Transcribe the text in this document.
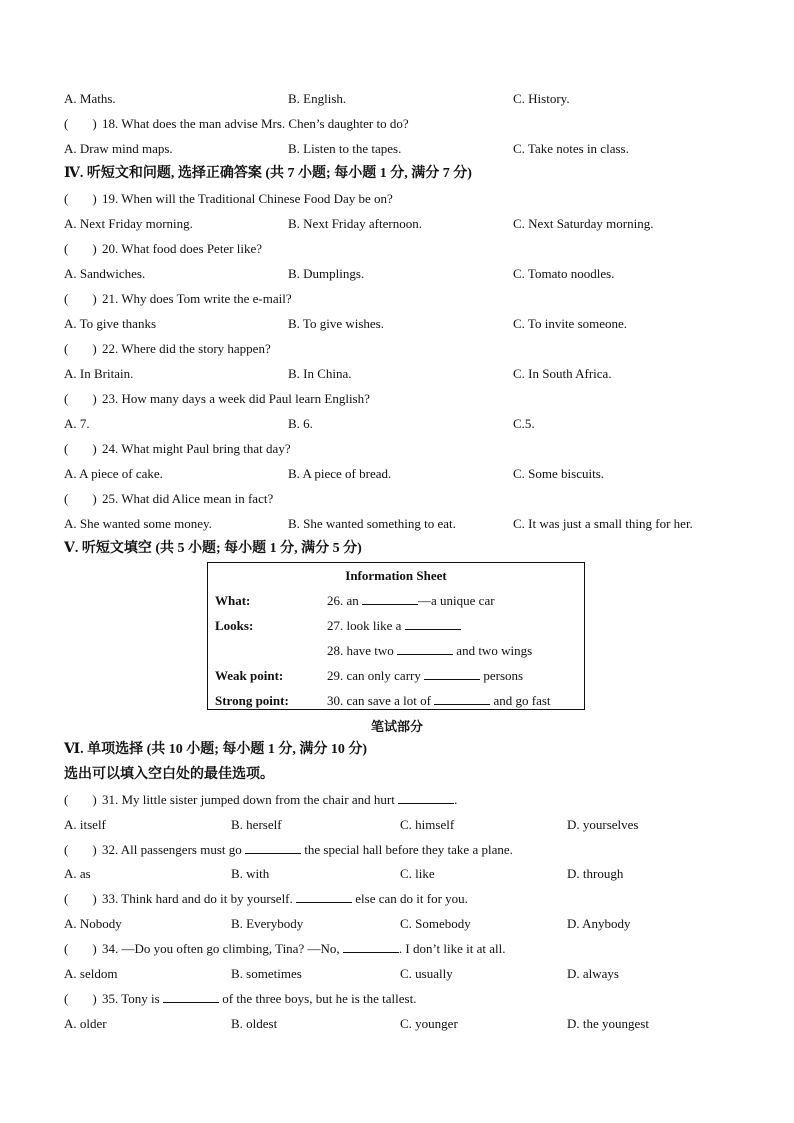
A. Maths.	B. English.	C. History.
( ) 18. What does the man advise Mrs. Chen’s daughter to do?
A. Draw mind maps.	B. Listen to the tapes.	C. Take notes in class.
Ⅳ. 听短文和问题, 选择正确答案 (共 7 小题; 每小题 1 分, 满分 7 分)
( ) 19. When will the Traditional Chinese Food Day be on?
A. Next Friday morning.	B. Next Friday afternoon.	C. Next Saturday morning.
( ) 20. What food does Peter like?
A. Sandwiches.	B. Dumplings.	C. Tomato noodles.
( ) 21. Why does Tom write the e-mail?
A. To give thanks	B. To give wishes.	C. To invite someone.
( ) 22. Where did the story happen?
A. In Britain.	B. In China.	C. In South Africa.
( ) 23. How many days a week did Paul learn English?
A. 7.	B. 6.	C.5.
( ) 24. What might Paul bring that day?
A. A piece of cake.	B. A piece of bread.	C. Some biscuits.
( ) 25. What did Alice mean in fact?
A. She wanted some money.	B. She wanted something to eat.	C. It was just a small thing for her.
Ⅴ. 听短文填空 (共 5 小题; 每小题 1 分, 满分 5 分)
Information Sheet
What:	26. an	—a unique car
Looks:	27. look like a
28. have two	and two wings
Weak point:	29. can only carry	persons
Strong point:	30. can save a lot of	and go fast
笔试部分
Ⅵ. 单项选择 (共 10 小题; 每小题 1 分, 满分 10 分)
选出可以填入空白处的最佳选项。
( ) 31. My little sister jumped down from the chair and hurt	.
A. itself	B. herself	C. himself	D. yourselves
( ) 32. All passengers must go	the special hall before they take a plane.
A. as	B. with	C. like	D. through
( ) 33. Think hard and do it by yourself.	else can do it for you.
A. Nobody	B. Everybody	C. Somebody	D. Anybody
( ) 34. —Do you often go climbing, Tina? —No,	. I don’t like it at all.
A. seldom	B. sometimes	C. usually	D. always
( ) 35. Tony is	of the three boys, but he is the tallest.
A. older	B. oldest	C. younger	D. the youngest
